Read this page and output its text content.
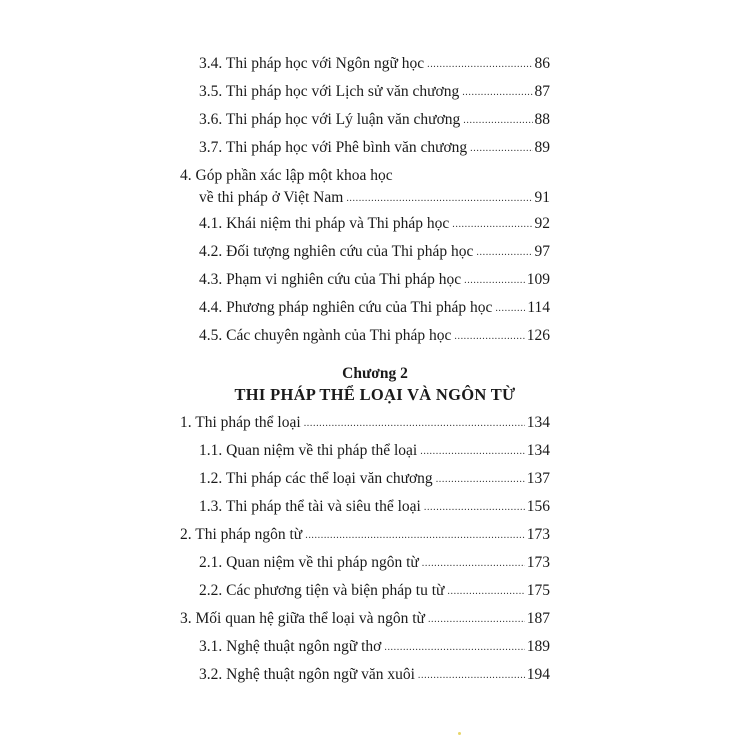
3.4. Thi pháp học với Ngôn ngữ học .....	86
3.5. Thi pháp học với Lịch sử văn chương .....	87
3.6. Thi pháp học với Lý luận văn chương .....	88
3.7. Thi pháp học với Phê bình văn chương .....	89
4. Góp phần xác lập một khoa học
về thi pháp ở Việt Nam .....	91
4.1. Khái niệm thi pháp và Thi pháp học .....	92
4.2. Đối tượng nghiên cứu của Thi pháp học .....	97
4.3. Phạm vi nghiên cứu của Thi pháp học .....	109
4.4. Phương pháp nghiên cứu của Thi pháp học ..... 114
4.5. Các chuyên ngành của Thi pháp học .....	126
Chương 2
THI PHÁP THỂ LOẠI VÀ NGÔN TỪ
1. Thi pháp thể loại .....	134
1.1. Quan niệm về thi pháp thể loại .....	134
1.2. Thi pháp các thể loại văn chương .....	137
1.3. Thi pháp thể tài và siêu thể loại .....	156
2. Thi pháp ngôn từ .....	173
2.1. Quan niệm về thi pháp ngôn từ .....	173
2.2. Các phương tiện và biện pháp tu từ .....	175
3. Mối quan hệ giữa thể loại và ngôn từ .....	187
3.1. Nghệ thuật ngôn ngữ thơ .....	189
3.2. Nghệ thuật ngôn ngữ văn xuôi .....	194
